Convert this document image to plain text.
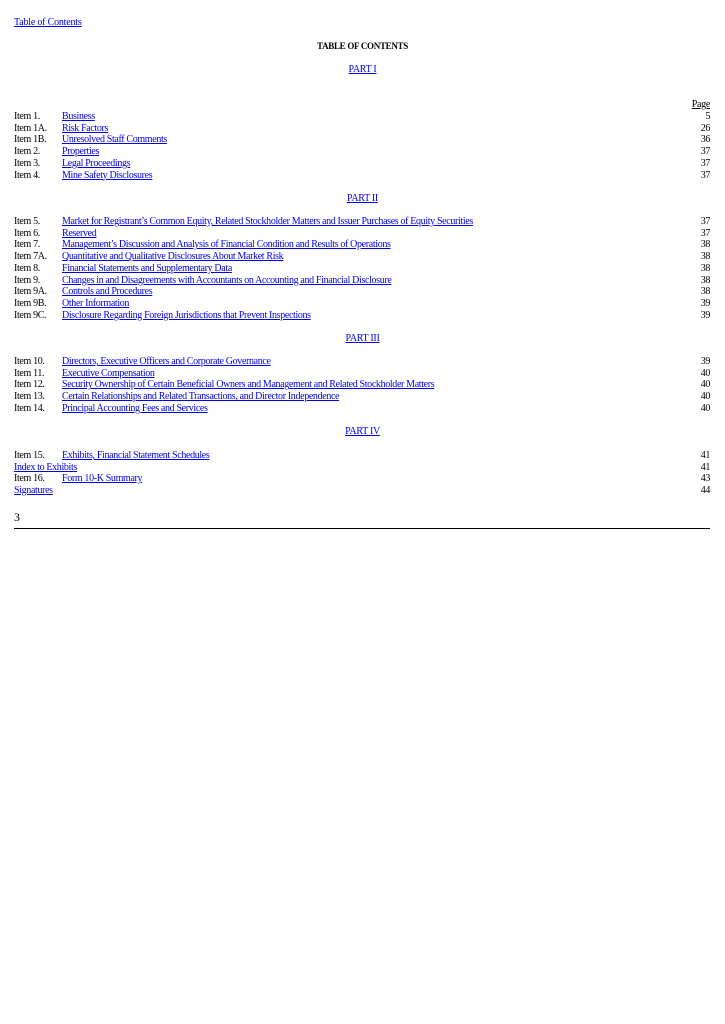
Table of Contents
TABLE OF CONTENTS
PART I
Page
Item 1. Business	5
Item 1A. Risk Factors	26
Item 1B. Unresolved Staff Comments	36
Item 2. Properties	37
Item 3. Legal Proceedings	37
Item 4. Mine Safety Disclosures	37
PART II
Item 5. Market for Registrant’s Common Equity, Related Stockholder Matters and Issuer Purchases of Equity Securities	37
Item 6. Reserved	37
Item 7. Management’s Discussion and Analysis of Financial Condition and Results of Operations	38
Item 7A. Quantitative and Qualitative Disclosures About Market Risk	38
Item 8. Financial Statements and Supplementary Data	38
Item 9. Changes in and Disagreements with Accountants on Accounting and Financial Disclosure	38
Item 9A. Controls and Procedures	38
Item 9B. Other Information	39
Item 9C. Disclosure Regarding Foreign Jurisdictions that Prevent Inspections	39
PART III
Item 10. Directors, Executive Officers and Corporate Governance	39
Item 11. Executive Compensation	40
Item 12. Security Ownership of Certain Beneficial Owners and Management and Related Stockholder Matters	40
Item 13. Certain Relationships and Related Transactions, and Director Independence	40
Item 14. Principal Accounting Fees and Services	40
PART IV
Item 15. Exhibits, Financial Statement Schedules	41
Index to Exhibits	41
Item 16. Form 10-K Summary	43
Signatures	44
3
